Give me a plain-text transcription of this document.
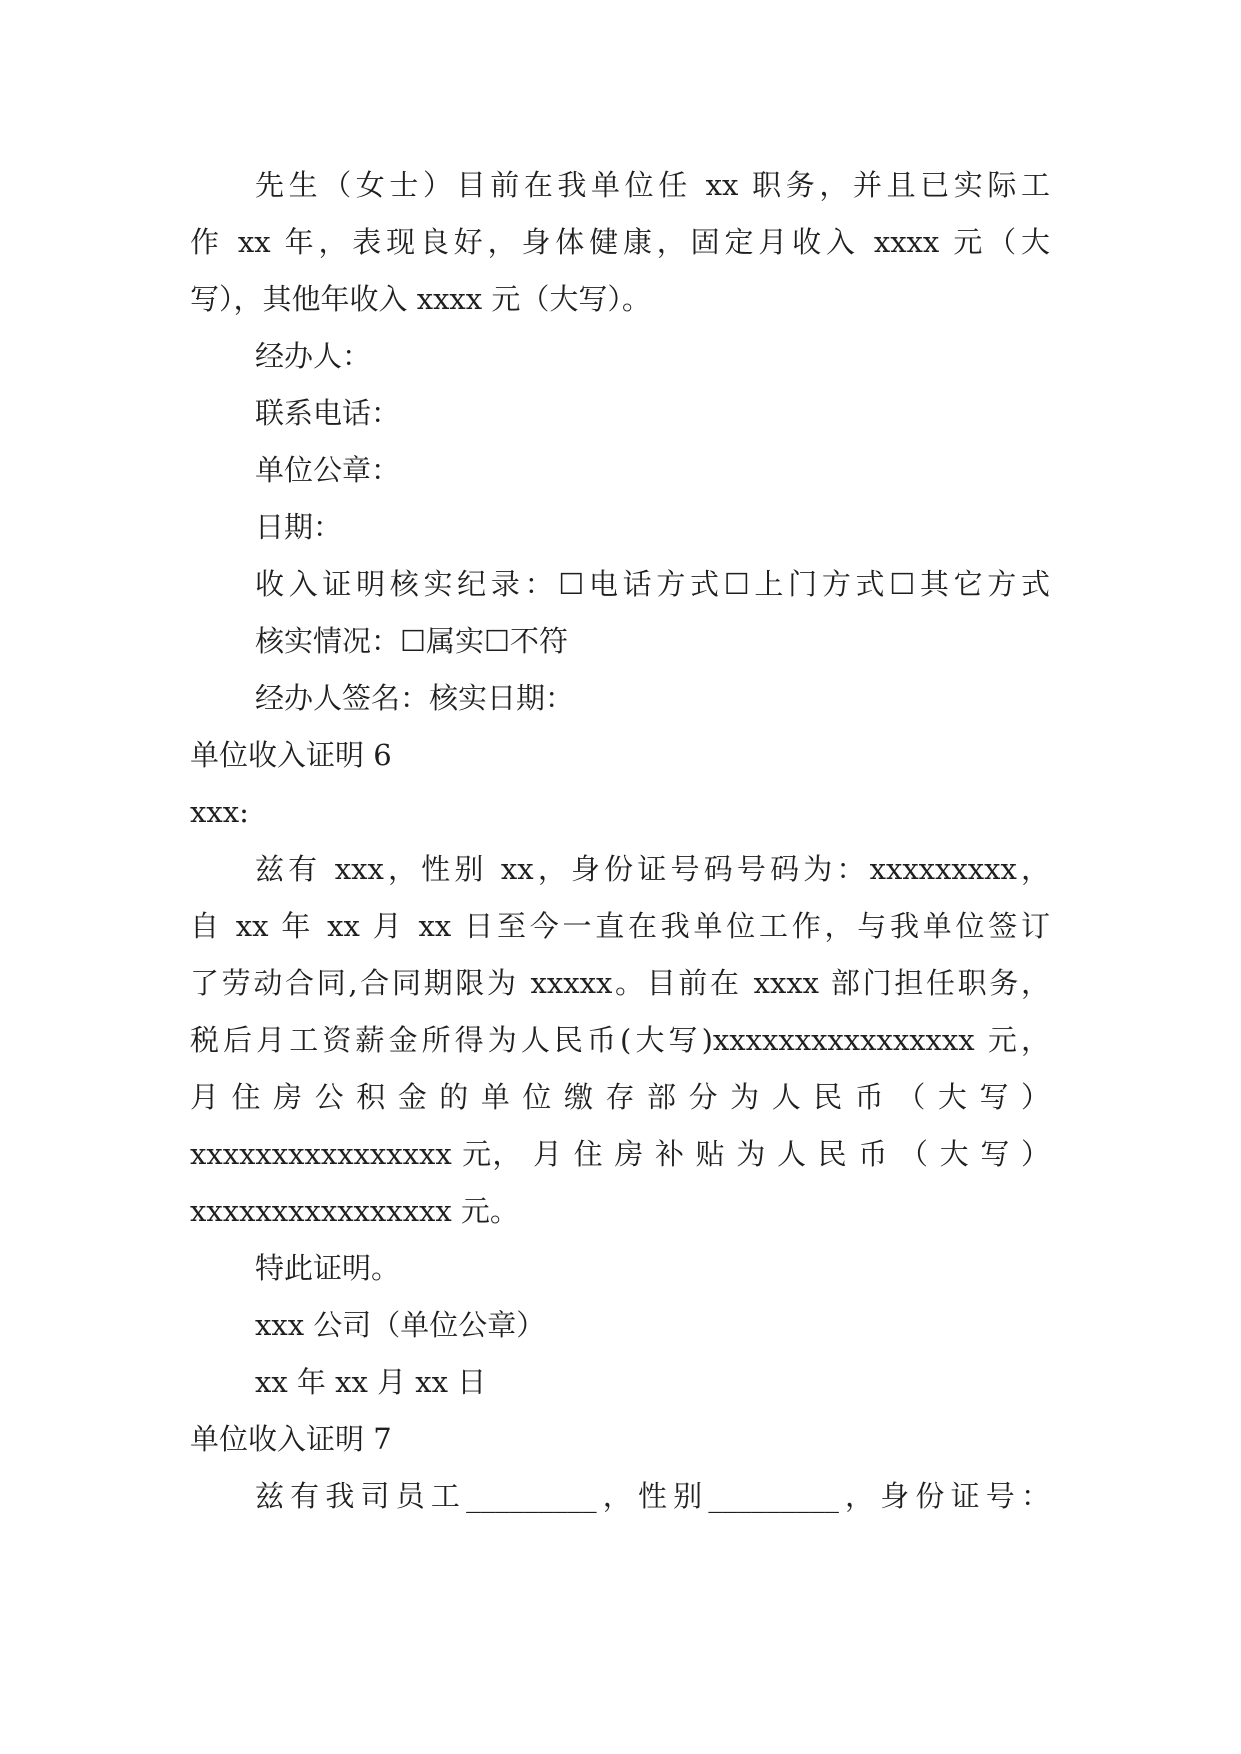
先生（女士）目前在我单位任 xx 职务，并且已实际工

作 xx 年，表现良好，身体健康，固定月收入 xxxx 元（大

写），其他年收入 xxxx 元（大写）。

经办人：

联系电话：

单位公章：

日期：

收入证明核实纪录：☐电话方式☐上门方式☐其它方式

核实情况：☐属实☐不符

经办人签名：核实日期：

单位收入证明 6

xxx:

兹有 xxx，性别 xx，身份证号码号码为：xxxxxxxxx，

自 xx 年 xx 月 xx 日至今一直在我单位工作，与我单位签订

了劳动合同,合同期限为 xxxxx。目前在 xxxx 部门担任职务，

税后月工资薪金所得为人民币(大写)xxxxxxxxxxxxxxxx 元，

月 住 房 公 积 金 的 单 位 缴 存 部 分 为 人 民 币 （ 大 写 ）

xxxxxxxxxxxxxxxx 元， 月 住 房 补 贴 为 人 民 币 （ 大 写 ）

xxxxxxxxxxxxxxxx 元。

特此证明。

xxx 公司（单位公章）

xx 年 xx 月 xx 日

单位收入证明 7

兹有我司员工_________，性别_________，身份证号：
